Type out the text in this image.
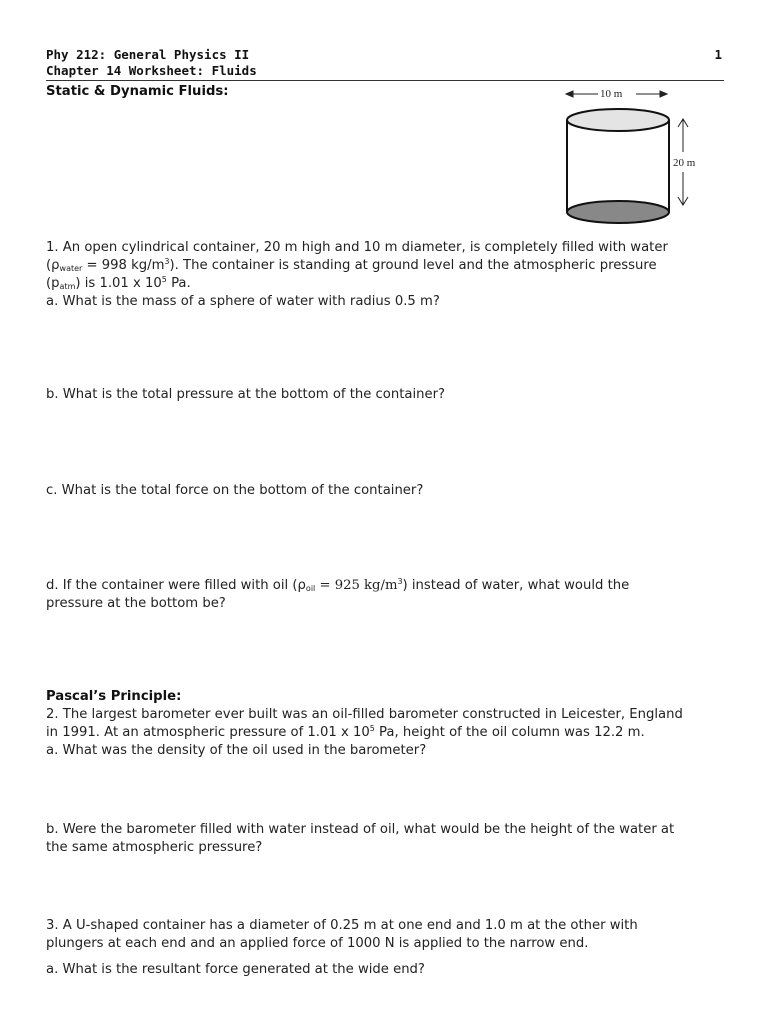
Phy 212: General Physics II	1
Chapter 14 Worksheet: Fluids
Static & Dynamic Fluids:	10 m
20 m
1. An open cylindrical container, 20 m high and 10 m diameter, is completely filled with water
($\rho_{water} = 998$ $kg/m^3$). The container is standing at ground level and the atmospheric pressure
$(p_{atm})$ is 1.01 x $10^5$ Pa.
a. What is the mass of a sphere of water with radius 0.5 m?
b. What is the total pressure at the bottom of the container?
c. What is the total force on the bottom of the container?
d. If the container were filled with oil ($\rho_{oil} = 925$ $kg/m^3$) instead of water, what would the
pressure at the bottom be?
Pascal’s Principle:
2. The largest barometer ever built was an oil-filled barometer constructed in Leicester, England
in 1991. At an atmospheric pressure of 1.01 x $10^5$ Pa, height of the oil column was 12.2 m.
a. What was the density of the oil used in the barometer?
b. Were the barometer filled with water instead of oil, what would be the height of the water at
the same atmospheric pressure?
3. A U-shaped container has a diameter of 0.25 m at one end and 1.0 m at the other with
plungers at each end and an applied force of 1000 N is applied to the narrow end.
a. What is the resultant force generated at the wide end?
